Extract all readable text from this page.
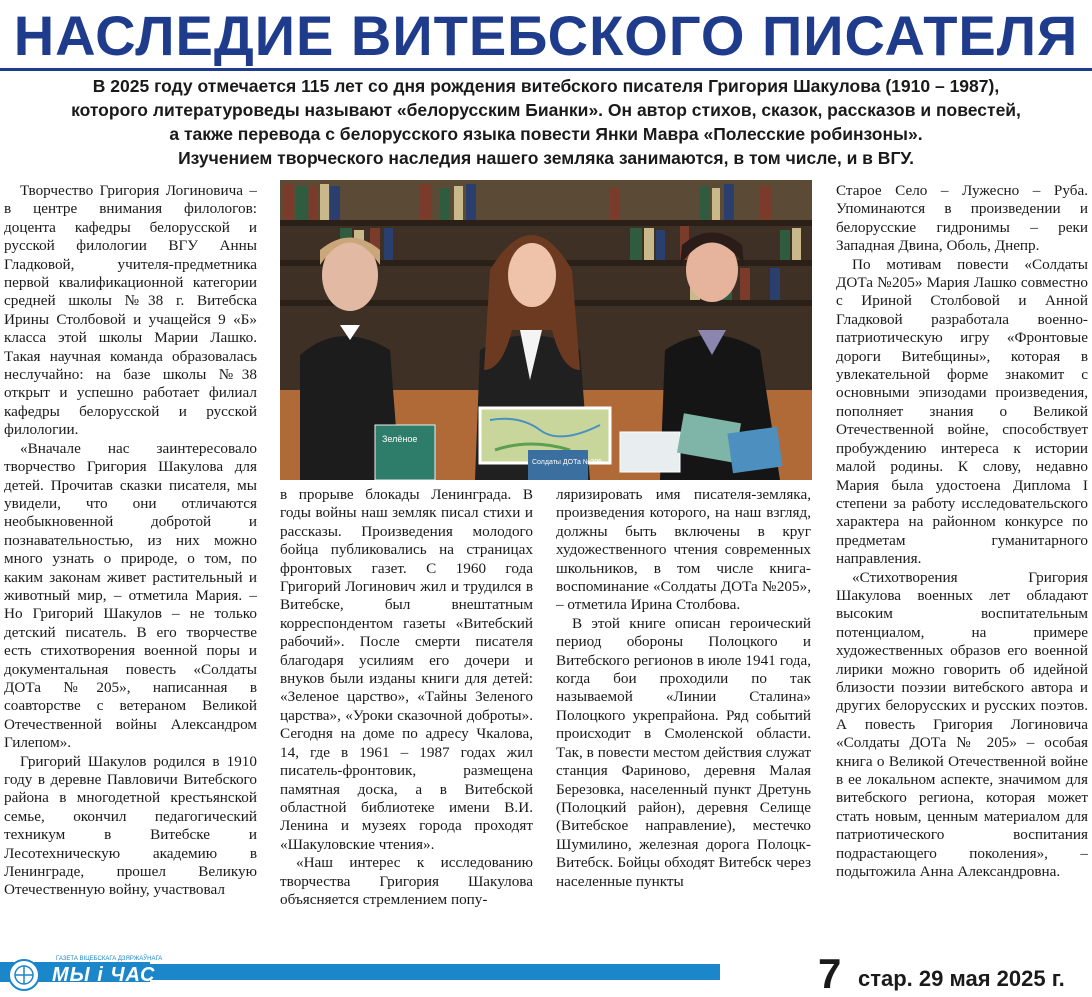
НАСЛЕДИЕ ВИТЕБСКОГО ПИСАТЕЛЯ
В 2025 году отмечается 115 лет со дня рождения витебского писателя Григория Шакулова (1910 – 1987),
которого литературоведы называют «белорусским Бианки». Он автор стихов, сказок, рассказов и повестей,
а также перевода с белорусского языка повести Янки Мавра «Полесские робинзоны».
Изучением творческого наследия нашего земляка занимаются, в том числе, и в ВГУ.

Творчество Григория Логиновича – в центре внимания филологов: доцента кафедры белорусской и русской филологии ВГУ Анны Гладковой, учителя-предметника первой квалификационной категории средней школы №38 г. Витебска Ирины Столбовой и учащейся 9 «Б» класса этой школы Марии Лашко. Такая научная команда образовалась неслучайно: на базе школы №38 открыт и успешно работает филиал кафедры белорусской и русской филологии.

«Вначале нас заинтересовало творчество Григория Шакулова для детей. Прочитав сказки писателя, мы увидели, что они отличаются необыкновенной добротой и познавательностью, из них можно много узнать о природе, о том, по каким законам живет растительный и животный мир, – отметила Мария. – Но Григорий Шакулов – не только детский писатель. В его творчестве есть стихотворения военной поры и документальная повесть «Солдаты ДОТа №205», написанная в соавторстве с ветераном Великой Отечественной войны Александром Гилепом».

Григорий Шакулов родился в 1910 году в деревне Павловичи Витебского района в многодетной крестьянской семье, окончил педагогический техникум в Витебске и Лесотехническую академию в Ленинграде, прошел Великую Отечественную войну, участвовал

Зелёное
Солдаты ДОТа №205

в прорыве блокады Ленинграда. В годы войны наш земляк писал стихи и рассказы. Произведения молодого бойца публиковались на страницах фронтовых газет. С 1960 года Григорий Логинович жил и трудился в Витебске, был внештатным корреспондентом газеты «Витебский рабочий». После смерти писателя благодаря усилиям его дочери и внуков были изданы книги для детей: «Зеленое царство», «Тайны Зеленого царства», «Уроки сказочной доброты». Сегодня на доме по адресу Чкалова, 14, где в 1961 – 1987 годах жил писатель-фронтовик, размещена памятная доска, а в Витебской областной библиотеке имени В.И. Ленина и музеях города проходят «Шакуловские чтения».

«Наш интерес к исследованию творчества Григория Шакулова объясняется стремлением попу-

ляризировать имя писателя-земляка, произведения которого, на наш взгляд, должны быть включены в круг художественного чтения современных школьников, в том числе книга-воспоминание «Солдаты ДОТа №205», – отметила Ирина Столбова.

В этой книге описан героический период обороны Полоцкого и Витебского регионов в июле 1941 года, когда бои проходили по так называемой «Линии Сталина» Полоцкого укрепрайона. Ряд событий происходит в Смоленской области. Так, в повести местом действия служат станция Фариново, деревня Малая Березовка, населенный пункт Дретунь (Полоцкий район), деревня Селище (Витебское направление), местечко Шумилино, железная дорога Полоцк-Витебск. Бойцы обходят Витебск через населенные пункты

Старое Село – Лужесно – Руба. Упоминаются в произведении и белорусские гидронимы – реки Западная Двина, Оболь, Днепр.

По мотивам повести «Солдаты ДОТа №205» Мария Лашко совместно с Ириной Столбовой и Анной Гладковой разработала военно-патриотическую игру «Фронтовые дороги Витебщины», которая в увлекательной форме знакомит с основными эпизодами произведения, пополняет знания о Великой Отечественной войне, способствует пробуждению интереса к истории малой родины. К слову, недавно Мария была удостоена Диплома I степени за работу исследовательского характера на районном конкурсе по предметам гуманитарного направления.

«Стихотворения Григория Шакулова военных лет обладают высоким воспитательным потенциалом, на примере художественных образов его военной лирики можно говорить об идейной близости поэзии витебского автора и других белорусских и русских поэтов. А повесть Григория Логиновича «Солдаты ДОТа № 205» – особая книга о Великой Отечественной войне в ее локальном аспекте, значимом для витебского региона, которая может стать новым, ценным материалом для патриотического воспитания подрастающего поколения», – подытожила Анна Александровна.

ГАЗЕТА ВІЦЕБСКАГА ДЗЯРЖАЎНАГА
МЫ і ЧАС	7 стар. 29 мая 2025 г.
